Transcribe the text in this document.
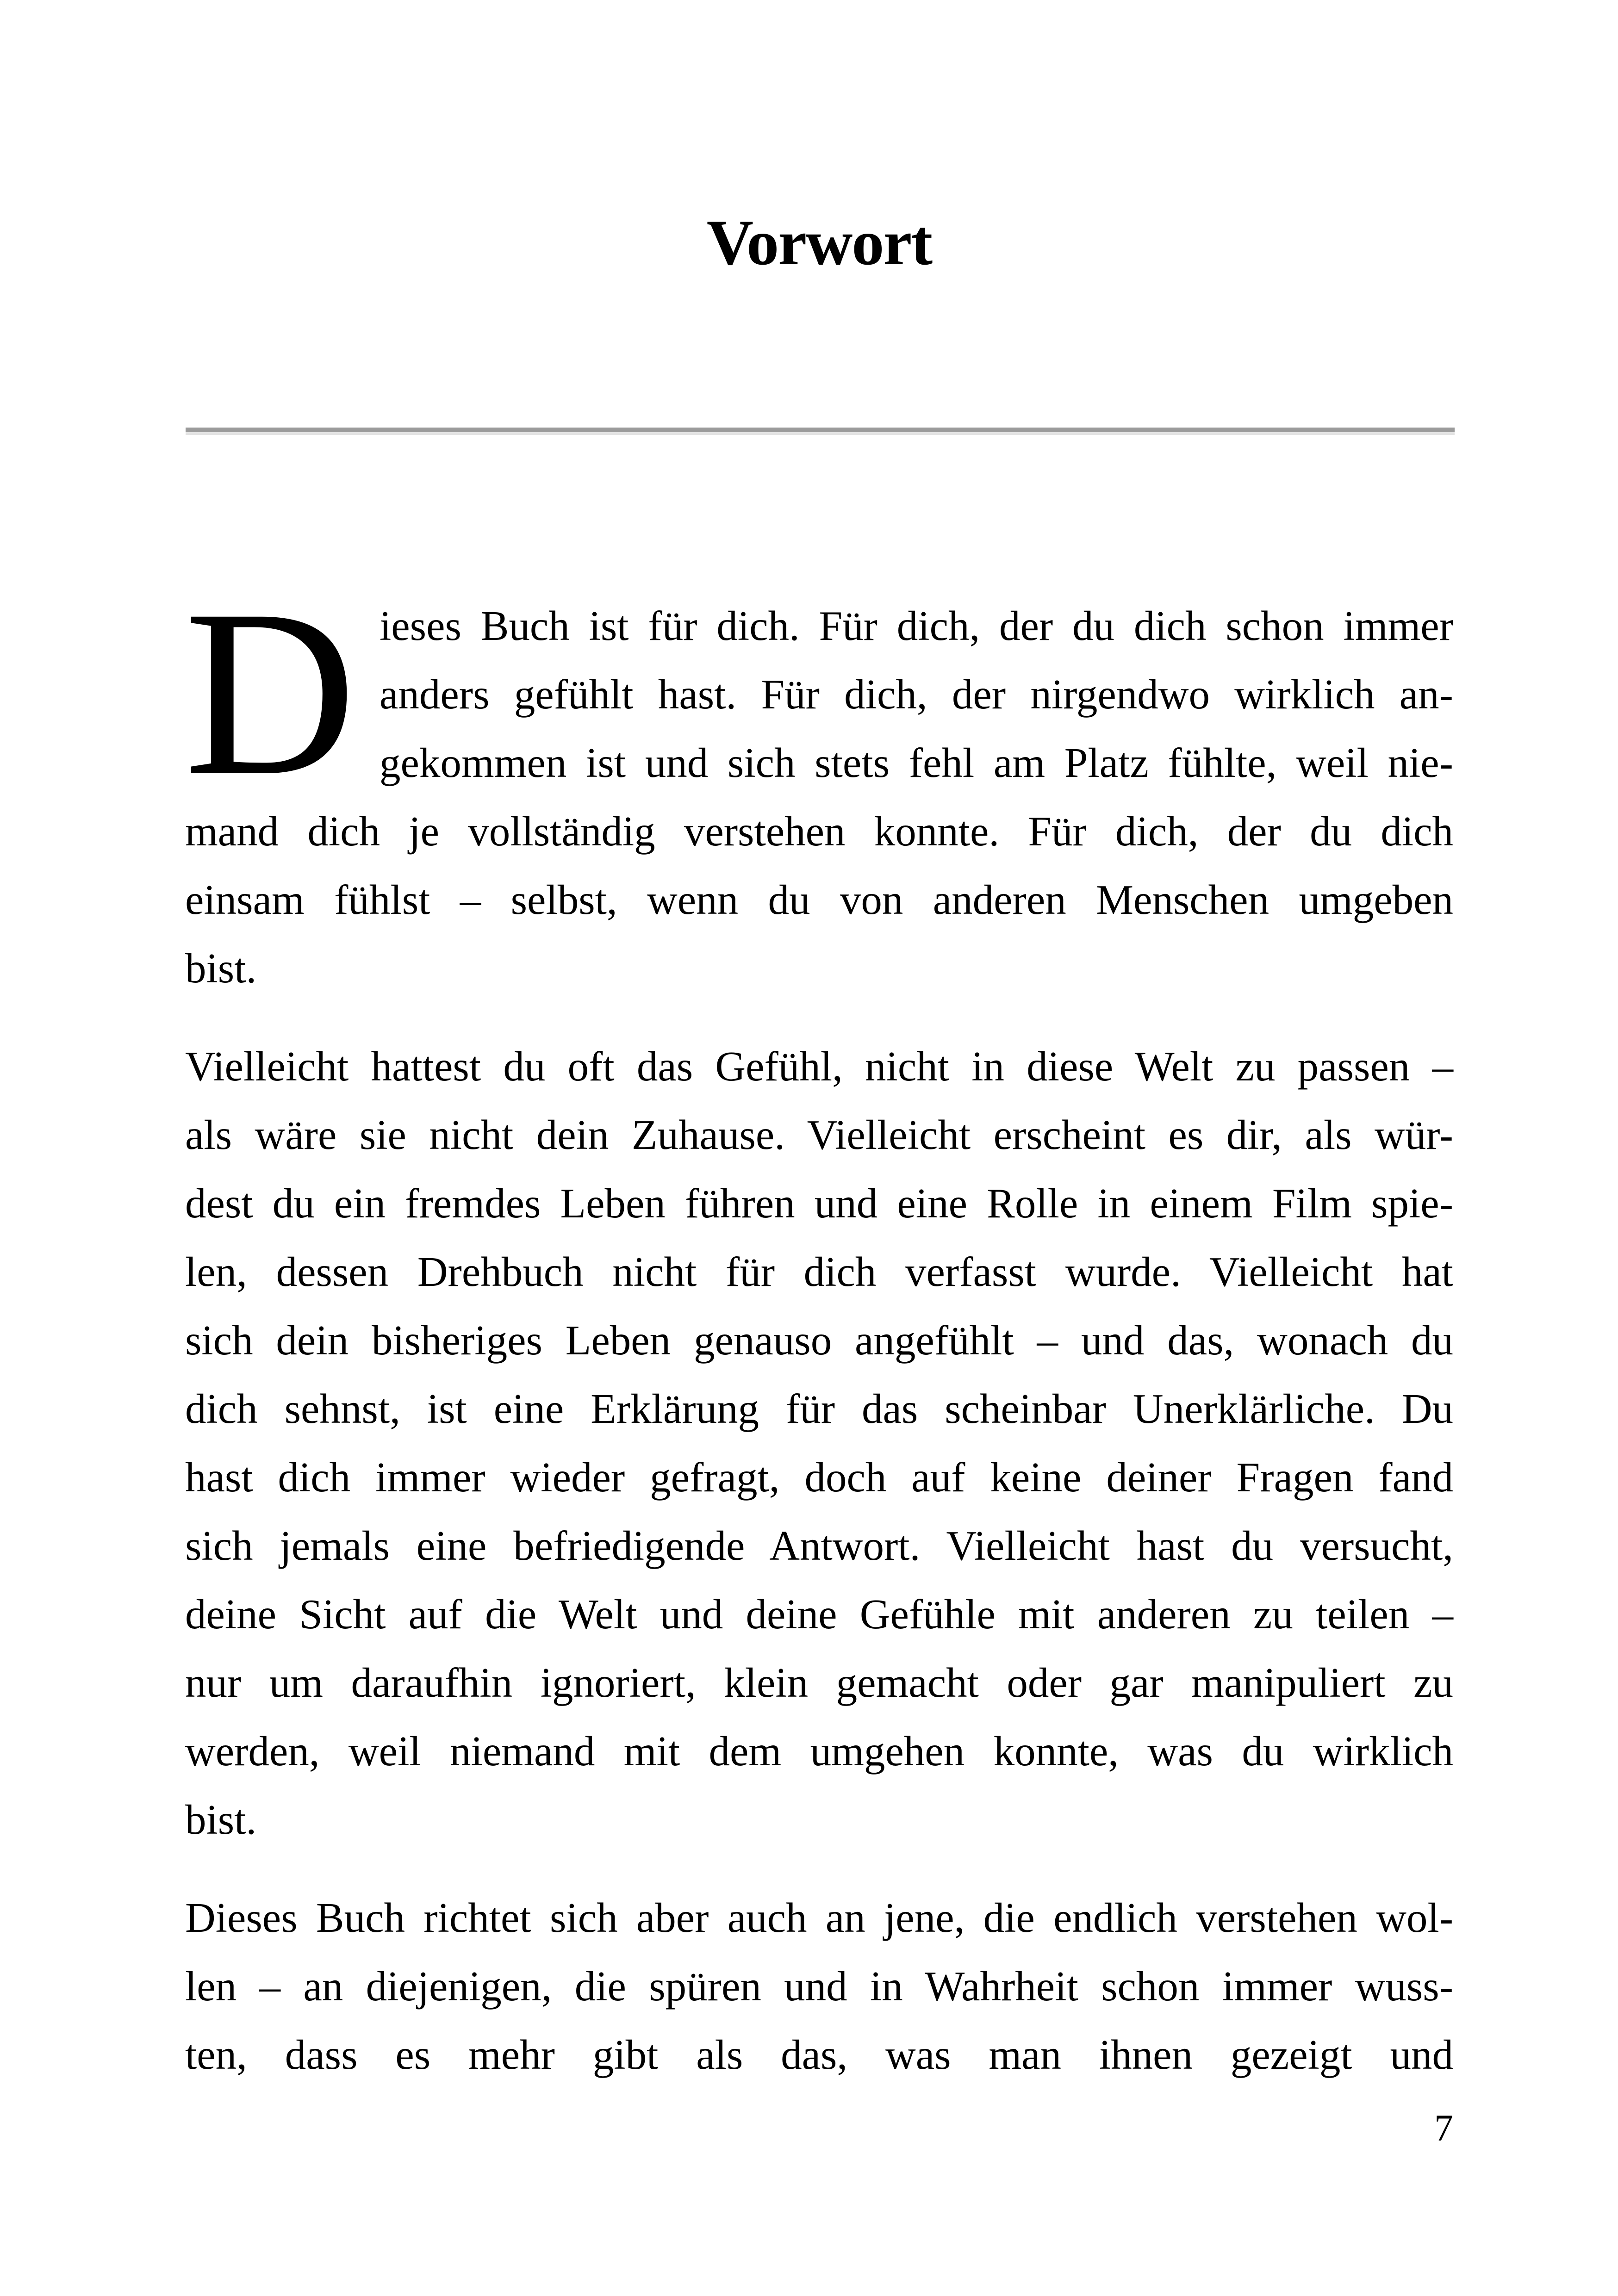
Vorwort
D ieses Buch ist für dich. Für dich, der du dich schon immer
anders gefühlt hast. Für dich, der nirgendwo wirklich an-
gekommen ist und sich stets fehl am Platz fühlte, weil nie-
mand dich je vollständig verstehen konnte. Für dich, der du dich
einsam fühlst – selbst, wenn du von anderen Menschen umgeben
bist.
Vielleicht hattest du oft das Gefühl, nicht in diese Welt zu passen –
als wäre sie nicht dein Zuhause. Vielleicht erscheint es dir, als wür-
dest du ein fremdes Leben führen und eine Rolle in einem Film spie-
len, dessen Drehbuch nicht für dich verfasst wurde. Vielleicht hat
sich dein bisheriges Leben genauso angefühlt – und das, wonach du
dich sehnst, ist eine Erklärung für das scheinbar Unerklärliche. Du
hast dich immer wieder gefragt, doch auf keine deiner Fragen fand
sich jemals eine befriedigende Antwort. Vielleicht hast du versucht,
deine Sicht auf die Welt und deine Gefühle mit anderen zu teilen –
nur um daraufhin ignoriert, klein gemacht oder gar manipuliert zu
werden, weil niemand mit dem umgehen konnte, was du wirklich
bist.
Dieses Buch richtet sich aber auch an jene, die endlich verstehen wol-
len – an diejenigen, die spüren und in Wahrheit schon immer wuss-
ten, dass es mehr gibt als das, was man ihnen gezeigt und
7
